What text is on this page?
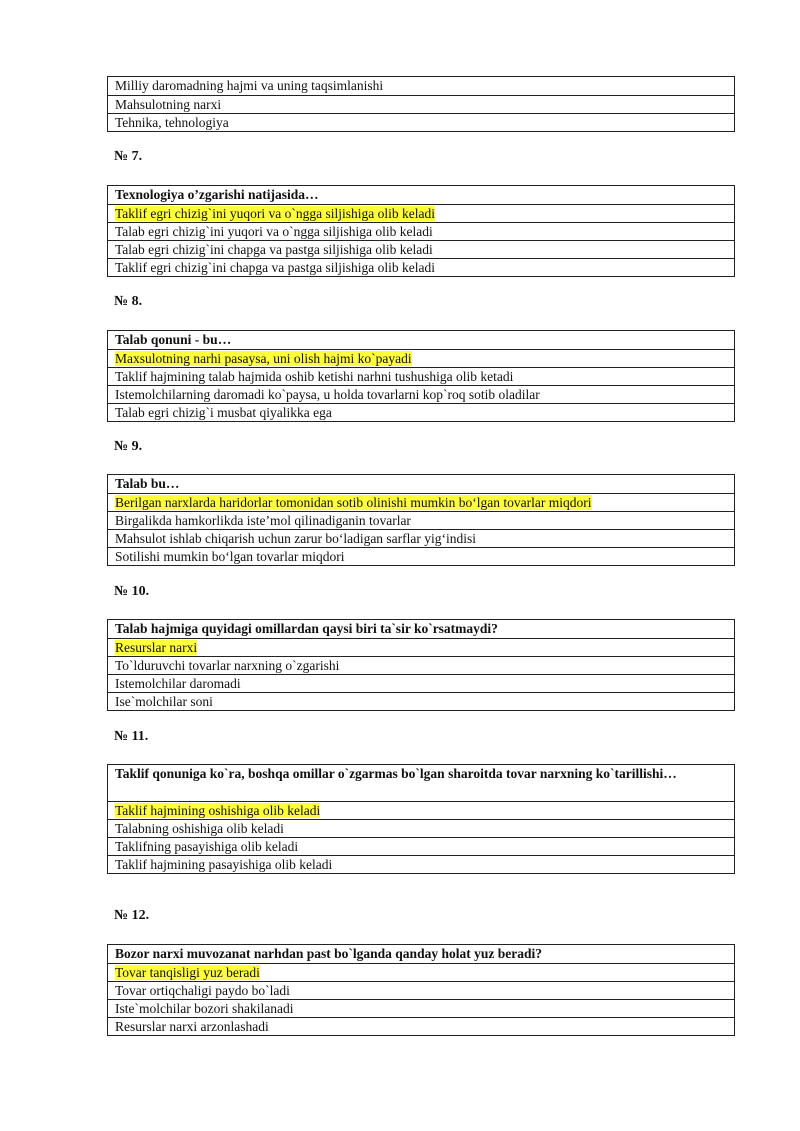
Milliy daromadning hajmi va uning taqsimlanishi
Mahsulotning narxi
Tehnika, tehnologiya
№ 7.
Texnologiya o’zgarishi natijasida…
Taklif egri chizig`ini yuqori va o`ngga siljishiga olib keladi
Talab egri chizig`ini yuqori va o`ngga siljishiga olib keladi
Talab egri chizig`ini chapga va pastga siljishiga olib keladi
Taklif egri chizig`ini chapga va pastga siljishiga olib keladi
№ 8.
Talab qonuni - bu…
Maxsulotning narhi pasaysa, uni olish hajmi ko`payadi
Taklif hajmining talab hajmida oshib ketishi narhni tushushiga olib ketadi
Istemolchilarning daromadi ko`paysa, u holda tovarlarni kop`roq sotib oladilar
Talab egri chizig`i musbat qiyalikka ega
№ 9.
Talab bu…
Berilgan narxlarda haridorlar tomonidan sotib olinishi mumkin bo‘lgan tovarlar miqdori
Birgalikda hamkorlikda iste’mol qilinadiganin tovarlar
Mahsulot ishlab chiqarish uchun zarur bo‘ladigan sarflar yig‘indisi
Sotilishi mumkin bo‘lgan tovarlar miqdori
№ 10.
Talab hajmiga quyidagi omillardan qaysi biri ta`sir ko`rsatmaydi?
Resurslar narxi
To`lduruvchi tovarlar narxning o`zgarishi
Istemolchilar daromadi
Ise`molchilar soni
№ 11.
Taklif qonuniga ko`ra, boshqa omillar o`zgarmas bo`lgan sharoitda tovar narxning ko`tarillishi…
Taklif hajmining oshishiga olib keladi
Talabning oshishiga olib keladi
Taklifning pasayishiga olib keladi
Taklif hajmining pasayishiga olib keladi
№ 12.
Bozor narxi muvozanat narhdan past bo`lganda qanday holat yuz beradi?
Tovar tanqisligi yuz beradi
Tovar ortiqchaligi paydo bo`ladi
Iste`molchilar bozori shakilanadi
Resurslar narxi arzonlashadi
